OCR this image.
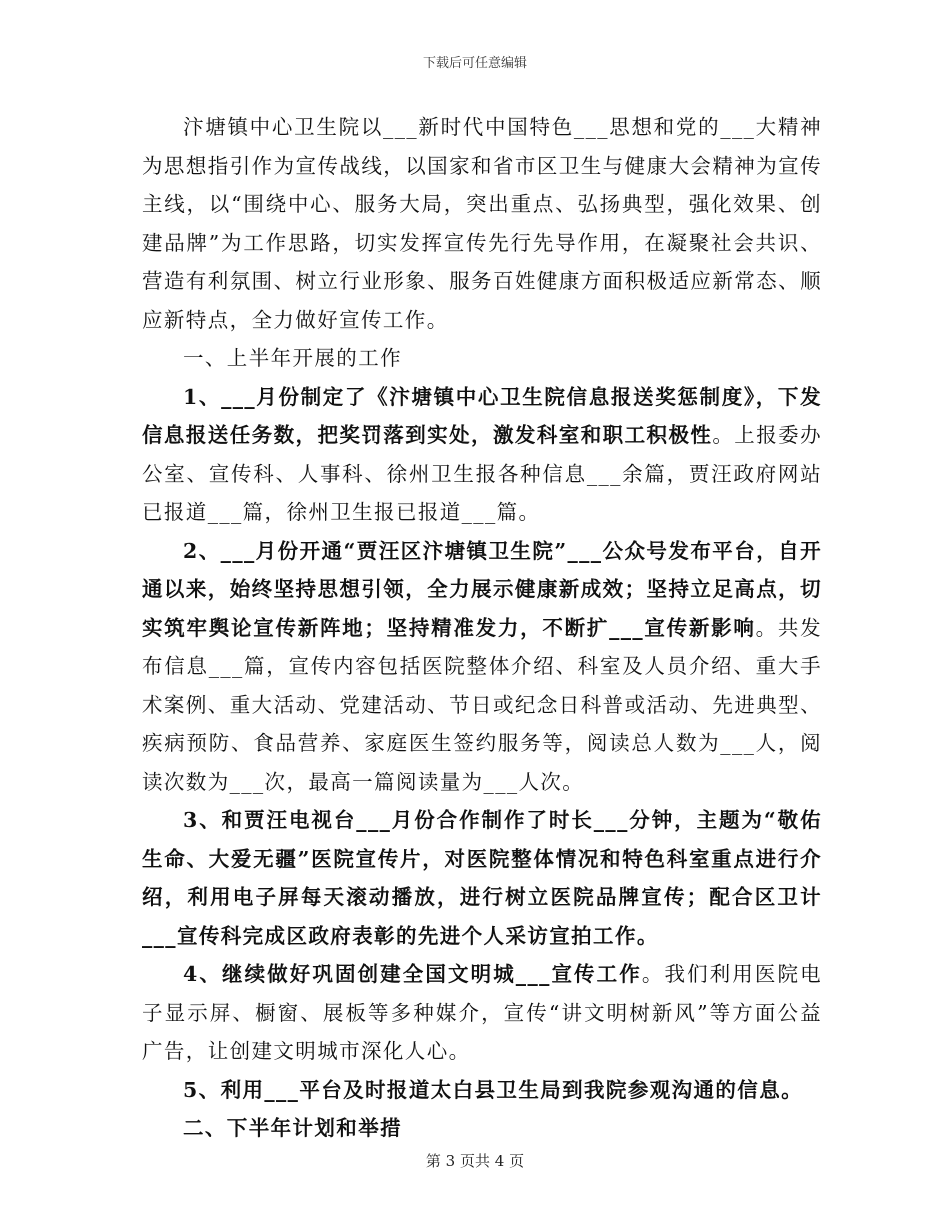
下载后可任意编辑

汴塘镇中心卫生院以___新时代中国特色___思想和党的___大精神为思想指引作为宣传战线，以国家和省市区卫生与健康大会精神为宣传主线，以“围绕中心、服务大局，突出重点、弘扬典型，强化效果、创建品牌”为工作思路，切实发挥宣传先行先导作用，在凝聚社会共识、营造有利氛围、树立行业形象、服务百姓健康方面积极适应新常态、顺应新特点，全力做好宣传工作。

一、上半年开展的工作

1、___月份制定了《汴塘镇中心卫生院信息报送奖惩制度》，下发信息报送任务数，把奖罚落到实处，激发科室和职工积极性。上报委办公室、宣传科、人事科、徐州卫生报各种信息___余篇，贾汪政府网站已报道___篇，徐州卫生报已报道___篇。

2、___月份开通“贾汪区汴塘镇卫生院”___公众号发布平台，自开通以来，始终坚持思想引领，全力展示健康新成效；坚持立足高点，切实筑牢舆论宣传新阵地；坚持精准发力，不断扩___宣传新影响。共发布信息___篇，宣传内容包括医院整体介绍、科室及人员介绍、重大手术案例、重大活动、党建活动、节日或纪念日科普或活动、先进典型、疾病预防、食品营养、家庭医生签约服务等，阅读总人数为___人，阅读次数为___次，最高一篇阅读量为___人次。

3、和贾汪电视台___月份合作制作了时长___分钟，主题为“敬佑生命、大爱无疆”医院宣传片，对医院整体情况和特色科室重点进行介绍，利用电子屏每天滚动播放，进行树立医院品牌宣传；配合区卫计___宣传科完成区政府表彰的先进个人采访宣拍工作。

4、继续做好巩固创建全国文明城___宣传工作。我们利用医院电子显示屏、橱窗、展板等多种媒介，宣传“讲文明树新风”等方面公益广告，让创建文明城市深化人心。

5、利用___平台及时报道太白县卫生局到我院参观沟通的信息。

二、下半年计划和举措

第 3 页共 4 页
